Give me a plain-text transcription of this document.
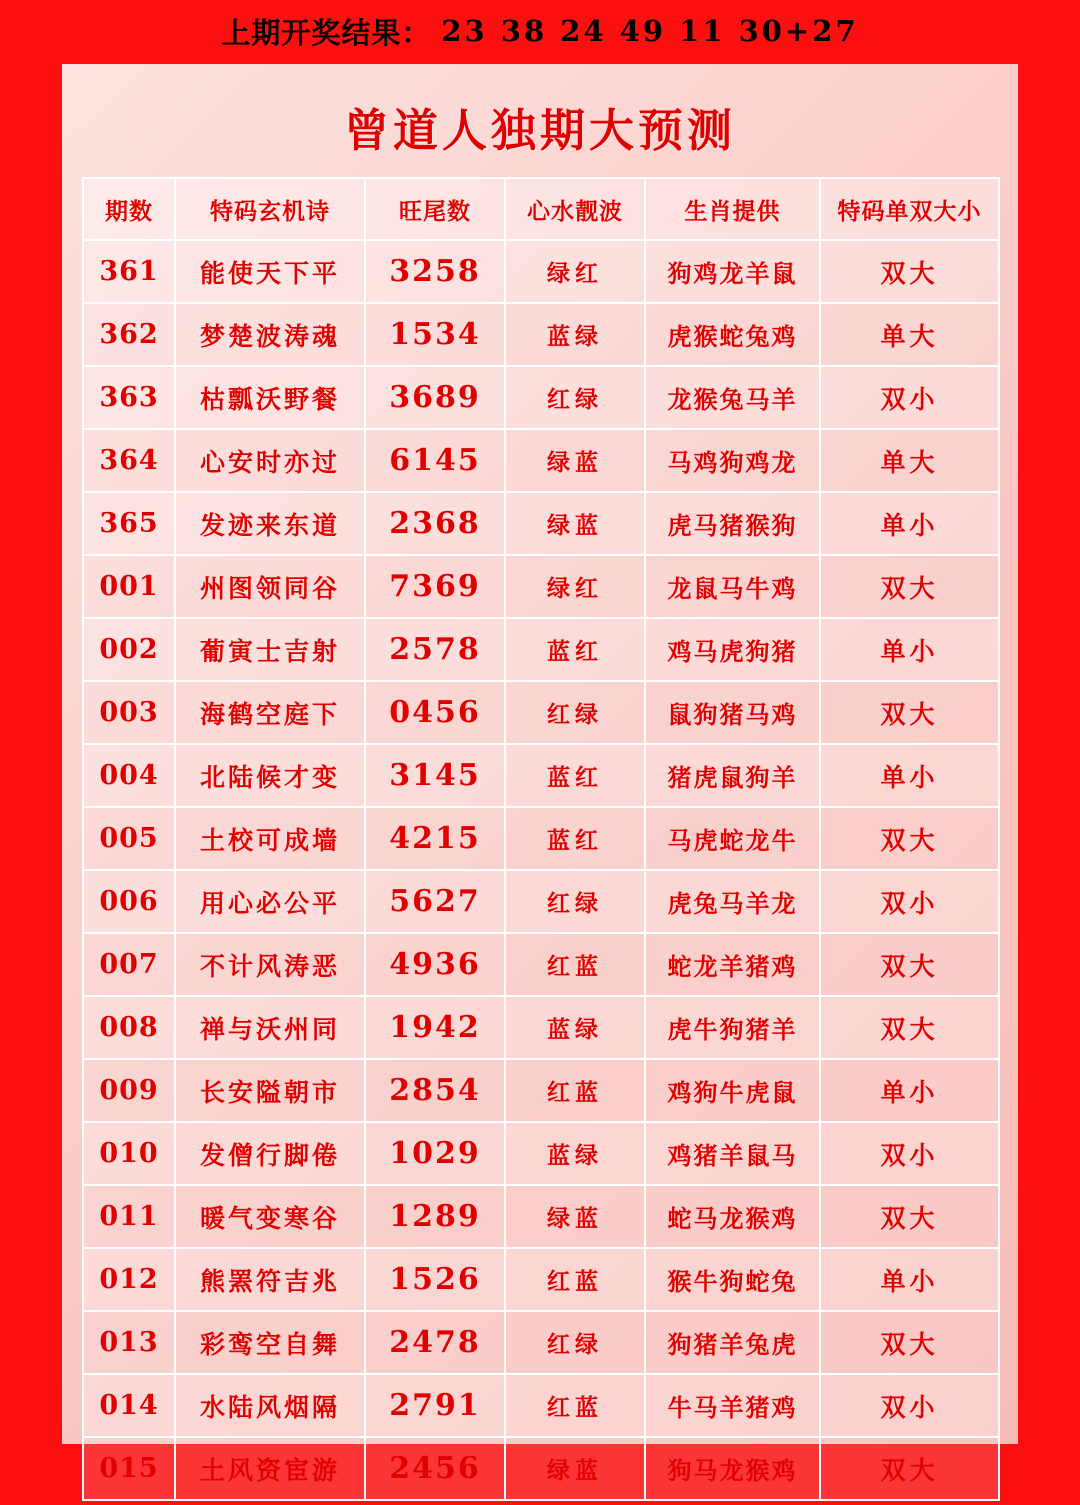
上期开奖结果： 23 38 24 49 11 30+27
曾道人独期大预测
期数	特码玄机诗	旺尾数	心水靓波	生肖提供	特码单双大小
361	能使天下平	3258	绿红	狗鸡龙羊鼠	双大
362	梦楚波涛魂	1534	蓝绿	虎猴蛇兔鸡	单大
363	枯瓢沃野餐	3689	红绿	龙猴兔马羊	双小
364	心安时亦过	6145	绿蓝	马鸡狗鸡龙	单大
365	发迹来东道	2368	绿蓝	虎马猪猴狗	单小
001	州图领同谷	7369	绿红	龙鼠马牛鸡	双大
002	葡寅士吉射	2578	蓝红	鸡马虎狗猪	单小
003	海鹤空庭下	0456	红绿	鼠狗猪马鸡	双大
004	北陆候才变	3145	蓝红	猪虎鼠狗羊	单小
005	土校可成墙	4215	蓝红	马虎蛇龙牛	双大
006	用心必公平	5627	红绿	虎兔马羊龙	双小
007	不计风涛恶	4936	红蓝	蛇龙羊猪鸡	双大
008	禅与沃州同	1942	蓝绿	虎牛狗猪羊	双大
009	长安隘朝市	2854	红蓝	鸡狗牛虎鼠	单小
010	发僧行脚倦	1029	蓝绿	鸡猪羊鼠马	双小
011	暖气变寒谷	1289	绿蓝	蛇马龙猴鸡	双大
012	熊罴符吉兆	1526	红蓝	猴牛狗蛇兔	单小
013	彩鸾空自舞	2478	红绿	狗猪羊兔虎	双大
014	水陆风烟隔	2791	红蓝	牛马羊猪鸡	双小
015	土风资宦游	2456	绿蓝	狗马龙猴鸡	双大
